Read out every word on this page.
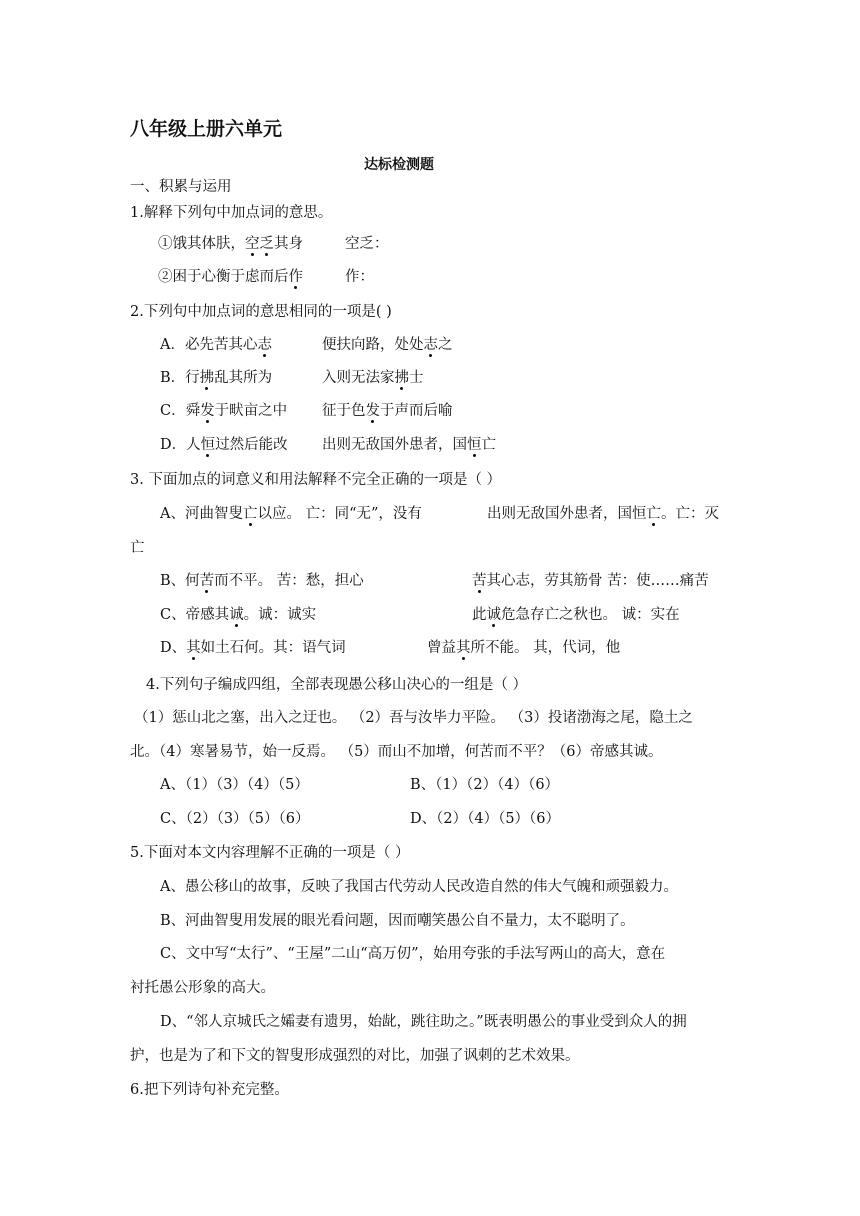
八年级上册六单元
达标检测题
一、积累与运用
1.解释下列句中加点词的意思。
①饿其体肤，空乏其身	空乏：
②困于心衡于虑而后作	作：
2.下列句中加点词的意思相同的一项是( )
A．必先苦其心志	便扶向路，处处志之
B．行拂乱其所为	入则无法家拂士
C．舜发于畎亩之中 征于色发于声而后喻
D．人恒过然后能改 出则无敌国外患者，国恒亡
3. 下面加点的词意义和用法解释不完全正确的一项是（ ）
A、河曲智叟亡以应。 亡：同“无”，没有	出则无敌国外患者，国恒亡。亡：灭
亡
B、何苦而不平。 苦：愁，担心	苦其心志，劳其筋骨 苦：使……痛苦
C、帝感其诚。诚：诚实	此诚危急存亡之秋也。 诚：实在
D、其如土石何。其：语气词	曾益其所不能。 其，代词，他
4.下列句子编成四组，全部表现愚公移山决心的一组是（ ）
（1）惩山北之塞，出入之迂也。 （2）吾与汝毕力平险。 （3）投诸渤海之尾，隐土之
北。（4）寒暑易节，始一反焉。 （5）而山不加增，何苦而不平？（6）帝感其诚。
A、（1）（3）（4）（5）	B、（1）（2）（4）（6）
C、（2）（3）（5）（6）	D、（2）（4）（5）（6）
5.下面对本文内容理解不正确的一项是（ ）
A、愚公移山的故事，反映了我国古代劳动人民改造自然的伟大气魄和顽强毅力。
B、河曲智叟用发展的眼光看问题，因而嘲笑愚公自不量力，太不聪明了。
C、文中写“太行”、“王屋”二山“高万仞”，始用夸张的手法写两山的高大，意在
衬托愚公形象的高大。
D、“邻人京城氏之孀妻有遗男，始龀，跳往助之。”既表明愚公的事业受到众人的拥
护，也是为了和下文的智叟形成强烈的对比，加强了讽刺的艺术效果。
6.把下列诗句补充完整。
